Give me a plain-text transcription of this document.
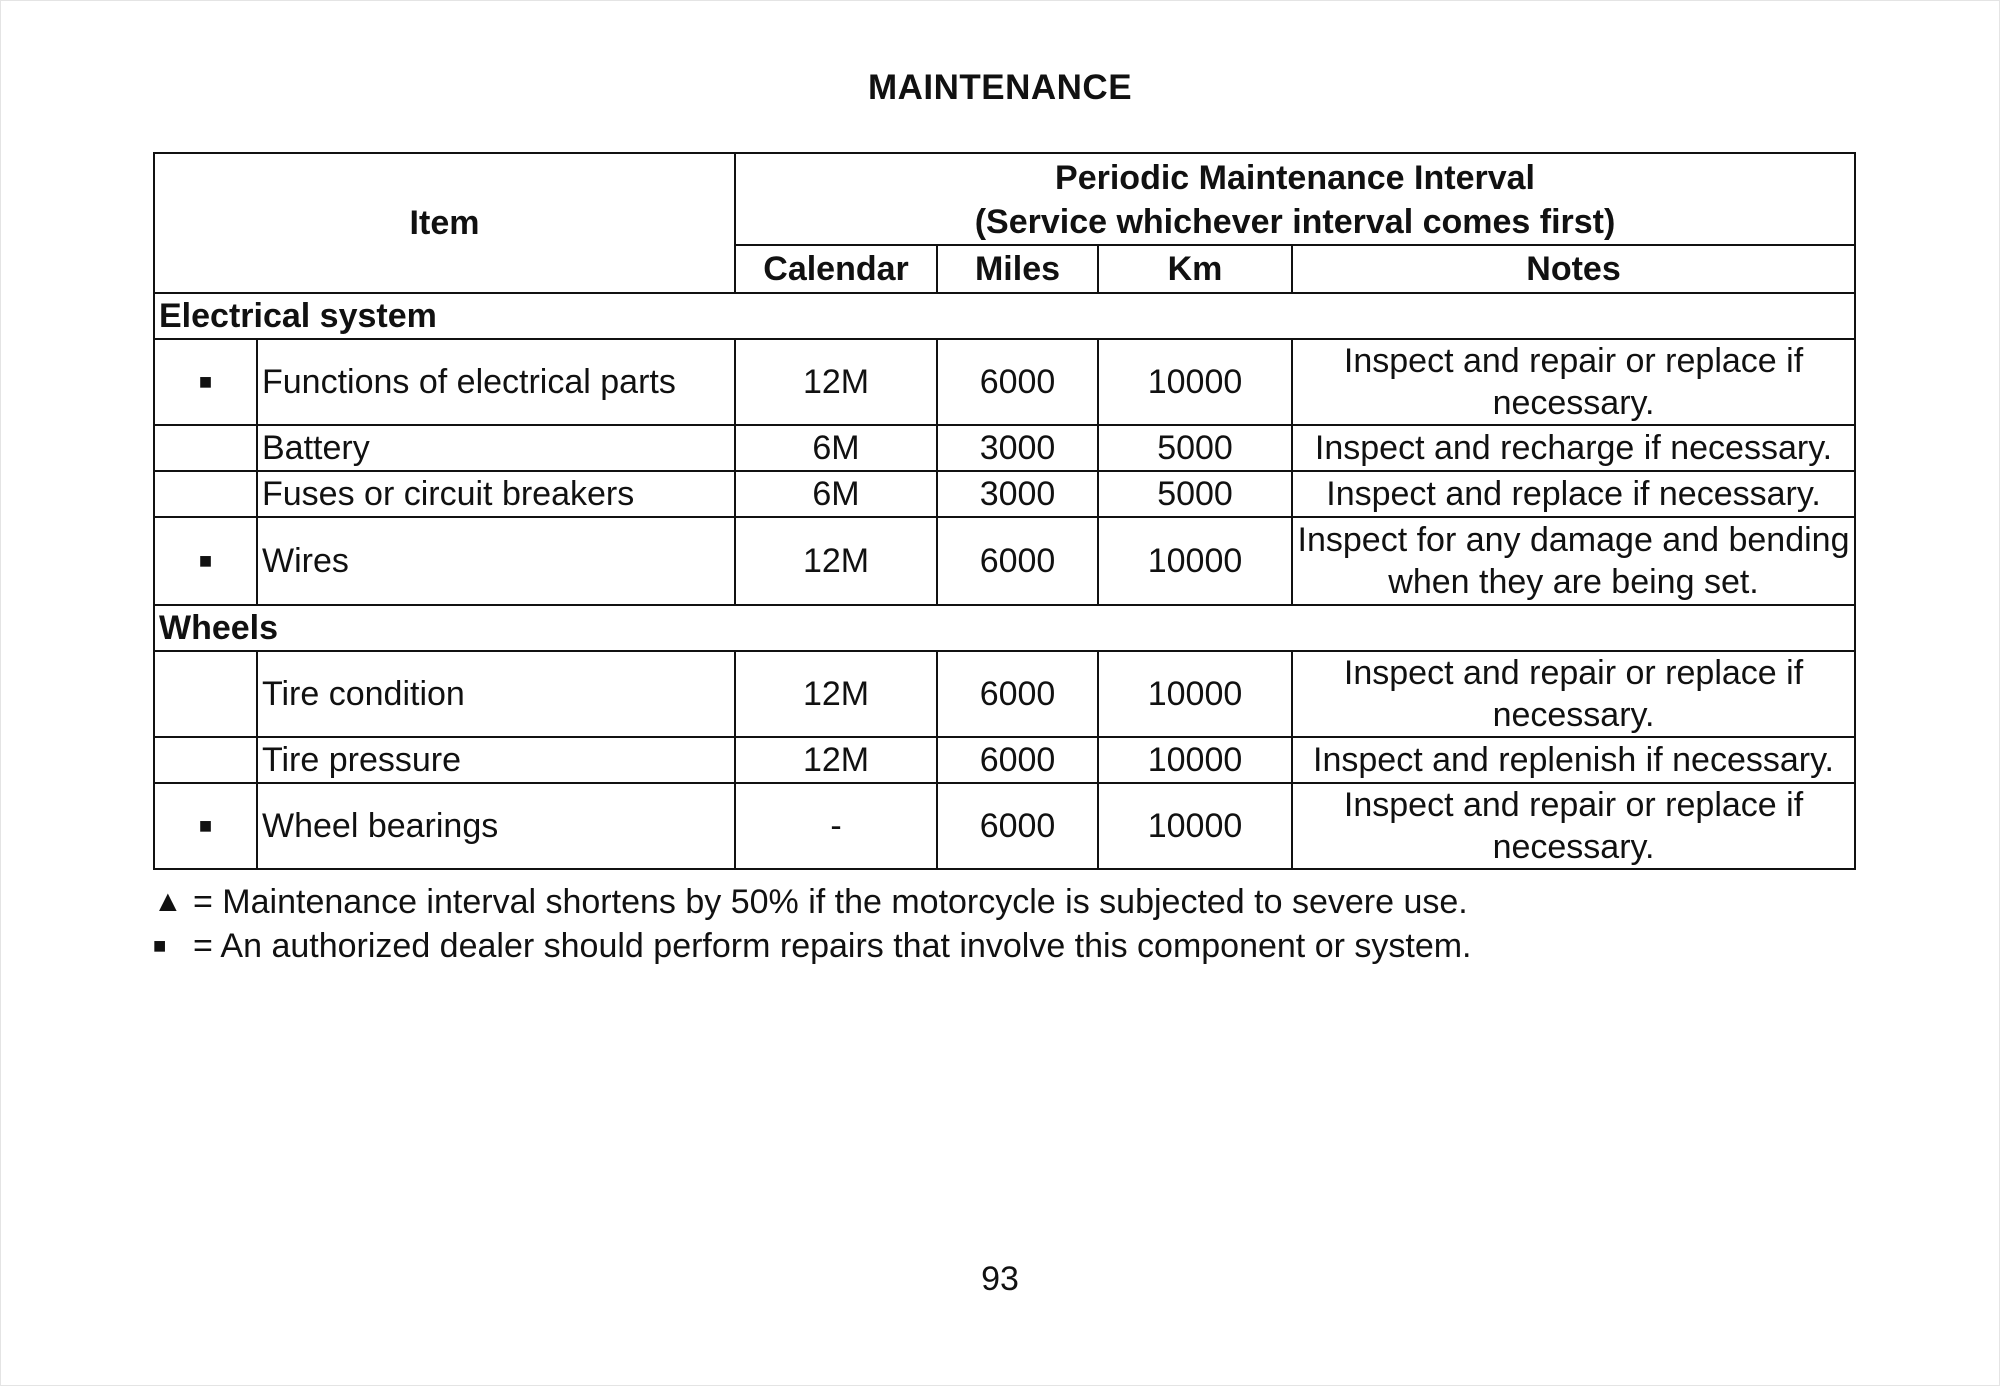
MAINTENANCE
Item		Periodic Maintenance Interval
(Service whichever interval comes first)			

		Calendar	Miles	Km	Notes
Electrical system					
■	Functions of electrical parts	12M	6000	10000	Inspect and repair or replace if necessary.
	Battery	6M	3000	5000	Inspect and recharge if necessary.
	Fuses or circuit breakers	6M	3000	5000	Inspect and replace if necessary.
■	Wires	12M	6000	10000	Inspect for any damage and bending when they are being set.
Wheels					
	Tire condition	12M	6000	10000	Inspect and repair or replace if necessary.
	Tire pressure	12M	6000	10000	Inspect and replenish if necessary.
■	Wheel bearings	-	6000	10000	Inspect and repair or replace if necessary.
▲ = Maintenance interval shortens by 50% if the motorcycle is subjected to severe use.
■ = An authorized dealer should perform repairs that involve this component or system.
93
